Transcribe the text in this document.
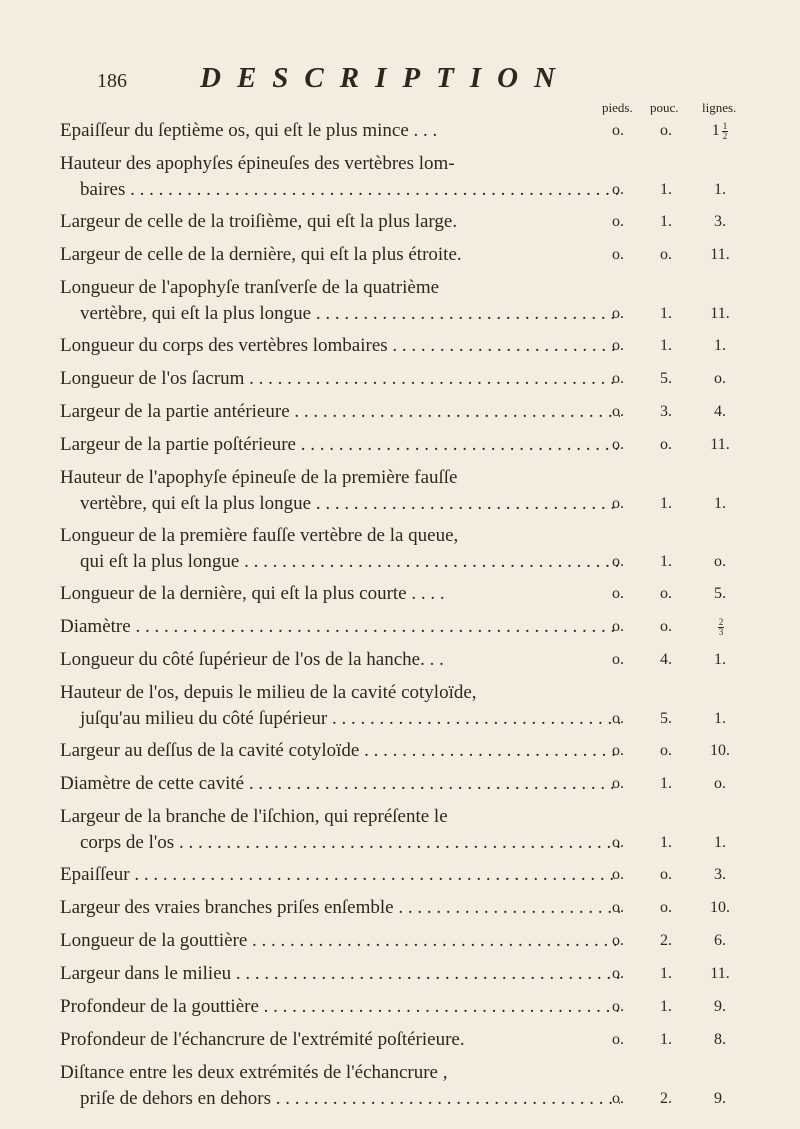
186	DESCRIPTION
pieds. pouc. lignes.
Epaiſſeur du ſeptième os, qui eſt le plus mince . . .	o.	o.	$1 \frac{1}{2}$
Hauteur des apophyſes épineuſes des vertèbres lom-
baires . . .	o.	1.	1.
Largeur de celle de la troiſième, qui eſt la plus large.	o.	1.	3.
Largeur de celle de la dernière, qui eſt la plus étroite.	o.	o.	11.
Longueur de l'apophyſe tranſverſe de la quatrième
vertèbre, qui eſt la plus longue . . .	o.	1.	11.
Longueur du corps des vertèbres lombaires . . .	o.	1.	1.
Longueur de l'os ſacrum . . .	o.	5.	o.
Largeur de la partie antérieure . . .	o.	3.	4.
Largeur de la partie poſtérieure . . .	o.	o.	11.
Hauteur de l'apophyſe épineuſe de la première fauſſe
vertèbre, qui eſt la plus longue . . .	o.	1.	1.
Longueur de la première fauſſe vertèbre de la queue,
qui eſt la plus longue . . .	o.	1.	o.
Longueur de la dernière, qui eſt la plus courte . . . .	o.	o.	5.
Diamètre . . .	o.	o.	$\frac{2}{3}$
Longueur du côté ſupérieur de l'os de la hanche. . .	o.	4.	1.
Hauteur de l'os, depuis le milieu de la cavité cotyloïde,
juſqu'au milieu du côté ſupérieur . . .	o.	5.	1.
Largeur au deſſus de la cavité cotyloïde . . .	o.	o.	10.
Diamètre de cette cavité . . .	o.	1.	o.
Largeur de la branche de l'iſchion, qui repréſente le
corps de l'os . . .	o.	1.	1.
Epaiſſeur . . .	o.	o.	3.
Largeur des vraies branches priſes enſemble . . .	o.	o.	10.
Longueur de la gouttière . . .	o.	2.	6.
Largeur dans le milieu . . .	o.	1.	11.
Profondeur de la gouttière . . .	o.	1.	9.
Profondeur de l'échancrure de l'extrémité poſtérieure.	o.	1.	8.
Diſtance entre les deux extrémités de l'échancrure ,
priſe de dehors en dehors . . .	o.	2.	9.
